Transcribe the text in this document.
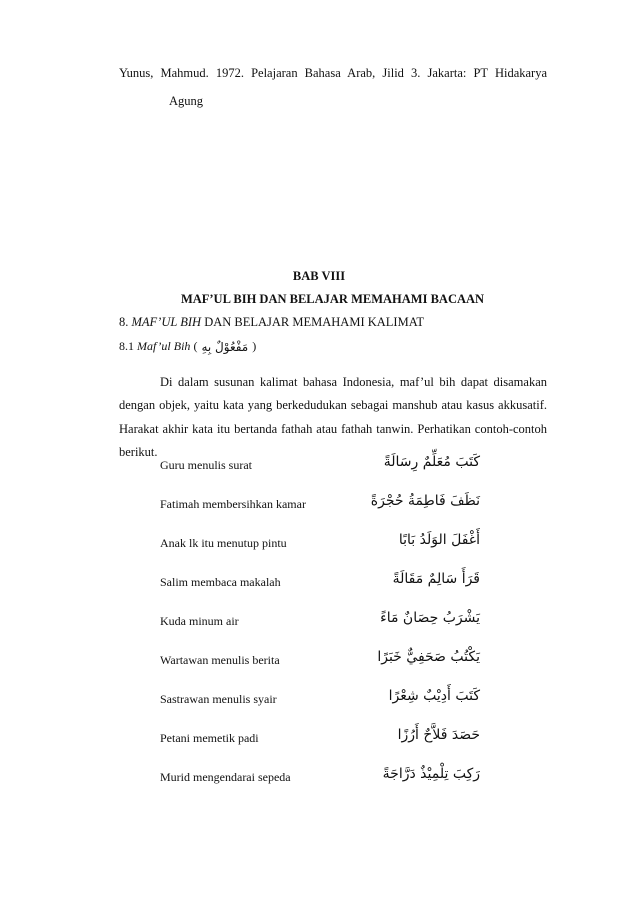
Yunus, Mahmud. 1972. Pelajaran Bahasa Arab, Jilid 3. Jakarta: PT Hidakarya
Agung
BAB VIII
MAF’UL BIH DAN BELAJAR MEMAHAMI BACAAN
8. MAF’UL BIH DAN BELAJAR MEMAHAMI KALIMAT
8.1
Maf’ul Bih
( مَفْعُوْلٌ بِهِ )

Di dalam susunan kalimat bahasa Indonesia, maf’ul bih dapat disamakan dengan objek, yaitu kata yang berkedudukan sebagai manshub atau kasus akkusatif. Harakat akhir kata itu bertanda fathah atau fathah tanwin. Perhatikan contoh-contoh berikut.

Guru menulis surat	كَتَبَ مُعَلِّمٌ رِسَالَةً
Fatimah membersihkan kamar	نَظَفَ فَاطِمَةُ حُجْرَةً
Anak lk itu menutup pintu	أَغْفَلَ الوَلَدُ بَابًا
Salim membaca makalah	قَرَأَ سَالِمٌ مَقَالَةً
Kuda minum air	يَشْرَبُ حِصَانٌ مَاءً
Wartawan menulis berita	يَكْتُبُ صَحَفِيٌّ خَبَرًا
Sastrawan menulis syair	كَتَبَ أَدِيْبٌ شِعْرًا
Petani memetik padi	حَصَدَ فَلاَّحٌ أَرُزًا
Murid mengendarai sepeda	رَكِبَ تِلْمِيْذٌ دَرَّاجَةً
